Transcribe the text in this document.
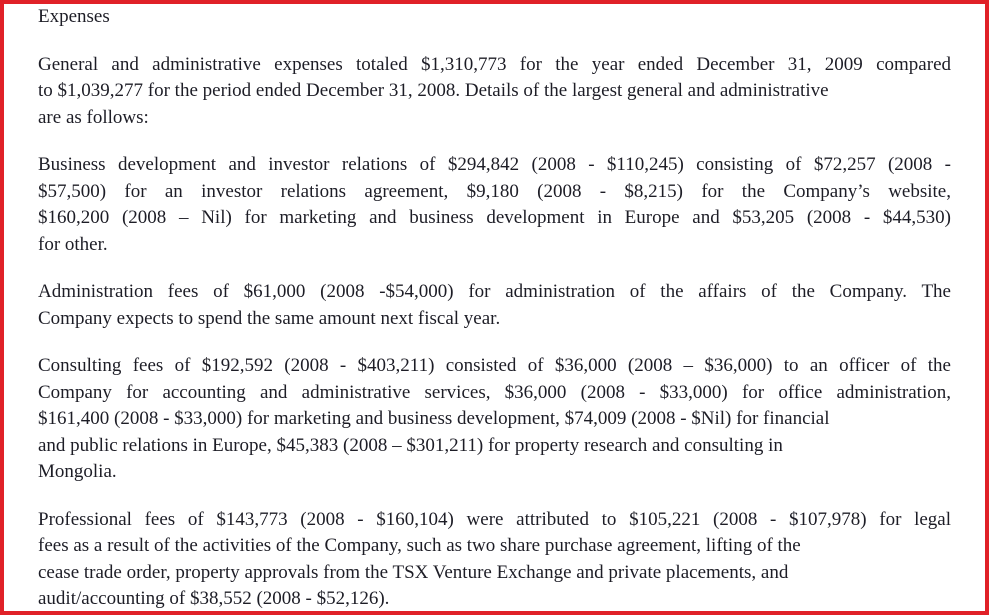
Expenses
General and administrative expenses totaled $1,310,773 for the year ended December 31, 2009 compared
to $1,039,277 for the period ended December 31, 2008. Details of the largest general and administrative
are as follows:
Business development and investor relations of $294,842 (2008 - $110,245) consisting of $72,257 (2008 -
$57,500) for an investor relations agreement, $9,180 (2008 - $8,215) for the Company’s website,
$160,200 (2008 – Nil) for marketing and business development in Europe and $53,205 (2008 - $44,530)
for other.
Administration fees of $61,000 (2008 -$54,000) for administration of the affairs of the Company. The
Company expects to spend the same amount next fiscal year.
Consulting fees of $192,592 (2008 - $403,211) consisted of $36,000 (2008 – $36,000) to an officer of the
Company for accounting and administrative services, $36,000 (2008 - $33,000) for office administration,
$161,400 (2008 - $33,000) for marketing and business development, $74,009 (2008 - $Nil) for financial
and public relations in Europe, $45,383 (2008 – $301,211) for property research and consulting in
Mongolia.
Professional fees of $143,773 (2008 - $160,104) were attributed to $105,221 (2008 - $107,978) for legal
fees as a result of the activities of the Company, such as two share purchase agreement, lifting of the
cease trade order, property approvals from the TSX Venture Exchange and private placements, and
audit/accounting of $38,552 (2008 - $52,126).
